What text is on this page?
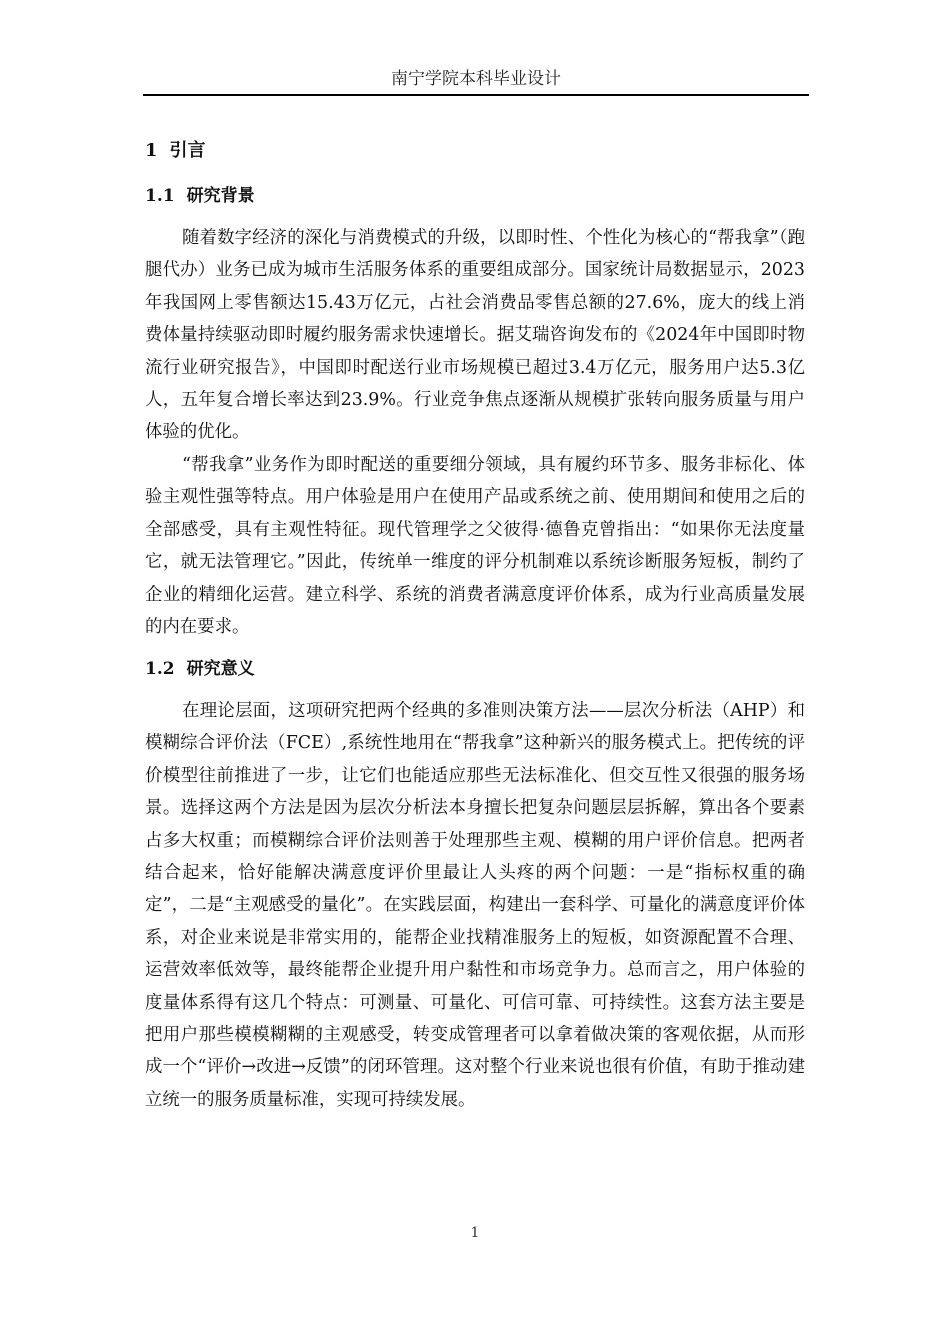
南宁学院本科毕业设计
1 引言
1.1 研究背景

随着数字经济的深化与消费模式的升级，以即时性、个性化为核心的“帮我拿”（跑腿代办）业务已成为城市生活服务体系的重要组成部分。国家统计局数据显示，2023年我国网上零售额达15.43万亿元，占社会消费品零售总额的27.6%，庞大的线上消费体量持续驱动即时履约服务需求快速增长。据艾瑞咨询发布的《2024年中国即时物流行业研究报告》，中国即时配送行业市场规模已超过3.4万亿元，服务用户达5.3亿人，五年复合增长率达到23.9%。行业竞争焦点逐渐从规模扩张转向服务质量与用户体验的优化。

“帮我拿”业务作为即时配送的重要细分领域，具有履约环节多、服务非标化、体验主观性强等特点。用户体验是用户在使用产品或系统之前、使用期间和使用之后的全部感受，具有主观性特征。现代管理学之父彼得·德鲁克曾指出：“如果你无法度量它，就无法管理它。”因此，传统单一维度的评分机制难以系统诊断服务短板，制约了企业的精细化运营。建立科学、系统的消费者满意度评价体系，成为行业高质量发展的内在要求。

1.2 研究意义

在理论层面，这项研究把两个经典的多准则决策方法——层次分析法（AHP）和模糊综合评价法（FCE）,系统性地用在“帮我拿”这种新兴的服务模式上。把传统的评价模型往前推进了一步，让它们也能适应那些无法标准化、但交互性又很强的服务场景。选择这两个方法是因为层次分析法本身擅长把复杂问题层层拆解，算出各个要素占多大权重；而模糊综合评价法则善于处理那些主观、模糊的用户评价信息。把两者结合起来，恰好能解决满意度评价里最让人头疼的两个问题：一是“指标权重的确定”，二是“主观感受的量化”。在实践层面，构建出一套科学、可量化的满意度评价体系，对企业来说是非常实用的，能帮企业找精准服务上的短板，如资源配置不合理、运营效率低效等，最终能帮企业提升用户黏性和市场竞争力。总而言之，用户体验的度量体系得有这几个特点：可测量、可量化、可信可靠、可持续性。这套方法主要是把用户那些模模糊糊的主观感受，转变成管理者可以拿着做决策的客观依据，从而形成一个“评价→改进→反馈”的闭环管理。这对整个行业来说也很有价值，有助于推动建立统一的服务质量标准，实现可持续发展。

1
